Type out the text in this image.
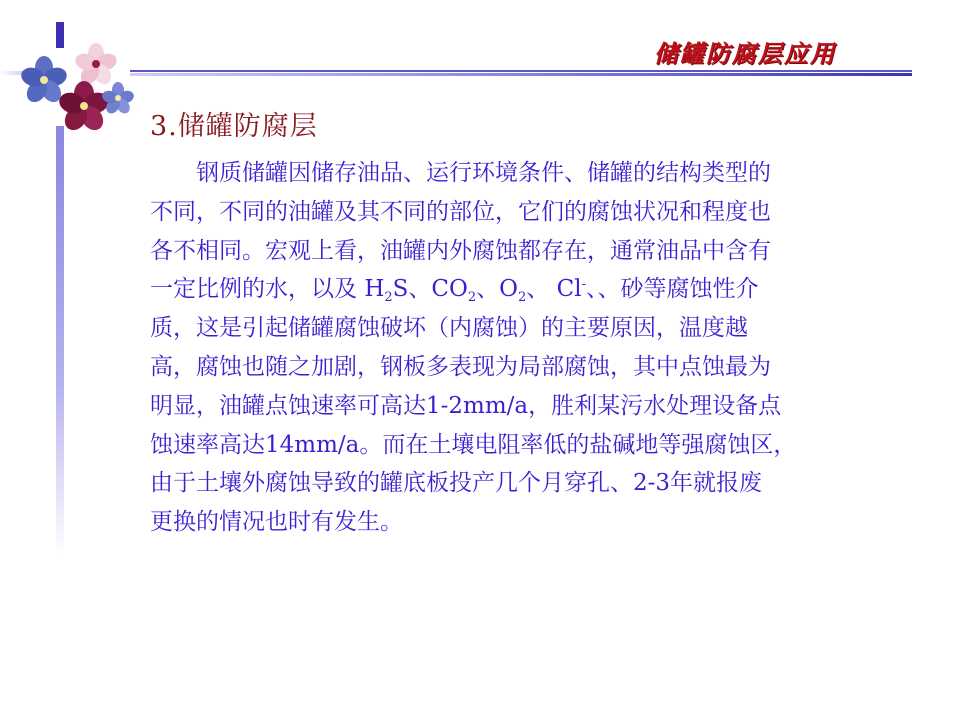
储罐防腐层应用
3.储罐防腐层
钢质储罐因储存油品、运行环境条件、储罐的结构类型的
不同，不同的油罐及其不同的部位，它们的腐蚀状况和程度也
各不相同。宏观上看，油罐内外腐蚀都存在，通常油品中含有
一定比例的水，以及 $H_2S$、$CO_2$、$O_2$、 Cl-、、砂等腐蚀性介
质，这是引起储罐腐蚀破坏（内腐蚀）的主要原因，温度越
高，腐蚀也随之加剧，钢板多表现为局部腐蚀，其中点蚀最为
明显，油罐点蚀速率可高达1-2mm/a，胜利某污水处理设备点
蚀速率高达14mm/a。而在土壤电阻率低的盐碱地等强腐蚀区，
由于土壤外腐蚀导致的罐底板投产几个月穿孔、2-3年就报废
更换的情况也时有发生。
